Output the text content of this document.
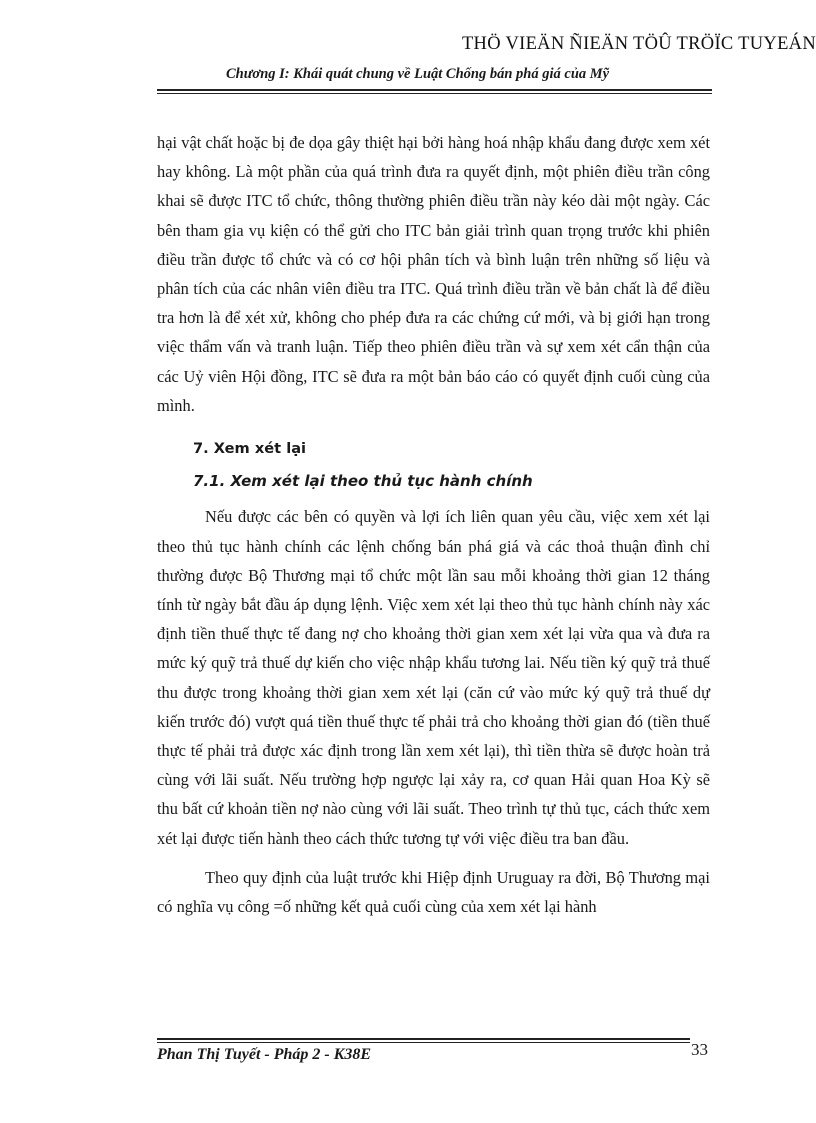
THÖ VIEÄN ÑIEÄN TÖÛ TRÖÏC TUYEÁN
Chương I: Khái quát chung về Luật Chống bán phá giá của Mỹ

hại vật chất hoặc bị đe dọa gây thiệt hại bởi hàng hoá nhập khẩu đang được xem xét hay không. Là một phần của quá trình đưa ra quyết định, một phiên điều trần công khai sẽ được ITC tổ chức, thông thường phiên điều trần này kéo dài một ngày. Các bên tham gia vụ kiện có thể gửi cho ITC bản giải trình quan trọng trước khi phiên điều trần được tổ chức và có cơ hội phân tích và bình luận trên những số liệu và phân tích của các nhân viên điều tra ITC. Quá trình điều trần về bản chất là để điều tra hơn là để xét xử, không cho phép đưa ra các chứng cứ mới, và bị giới hạn trong việc thẩm vấn và tranh luận. Tiếp theo phiên điều trần và sự xem xét cẩn thận của các Uỷ viên Hội đồng, ITC sẽ đưa ra một bản báo cáo có quyết định cuối cùng của mình.

7. Xem xét lại
7.1. Xem xét lại theo thủ tục hành chính

Nếu được các bên có quyền và lợi ích liên quan yêu cầu, việc xem xét lại theo thủ tục hành chính các lệnh chống bán phá giá và các thoả thuận đình chỉ thường được Bộ Thương mại tổ chức một lần sau mỗi khoảng thời gian 12 tháng tính từ ngày bắt đầu áp dụng lệnh. Việc xem xét lại theo thủ tục hành chính này xác định tiền thuế thực tế đang nợ cho khoảng thời gian xem xét lại vừa qua và đưa ra mức ký quỹ trả thuế dự kiến cho việc nhập khẩu tương lai. Nếu tiền ký quỹ trả thuế thu được trong khoảng thời gian xem xét lại (căn cứ vào mức ký quỹ trả thuế dự kiến trước đó) vượt quá tiền thuế thực tế phải trả cho khoảng thời gian đó (tiền thuế thực tế phải trả được xác định trong lần xem xét lại), thì tiền thừa sẽ được hoàn trả cùng với lãi suất. Nếu trường hợp ngược lại xảy ra, cơ quan Hải quan Hoa Kỳ sẽ thu bất cứ khoản tiền nợ nào cùng với lãi suất. Theo trình tự thủ tục, cách thức xem xét lại được tiến hành theo cách thức tương tự với việc điều tra ban đầu.

Theo quy định của luật trước khi Hiệp định Uruguay ra đời, Bộ Thương mại có nghĩa vụ công =ố những kết quả cuối cùng của xem xét lại hành

Phan Thị Tuyết - Pháp 2 - K38E	33
